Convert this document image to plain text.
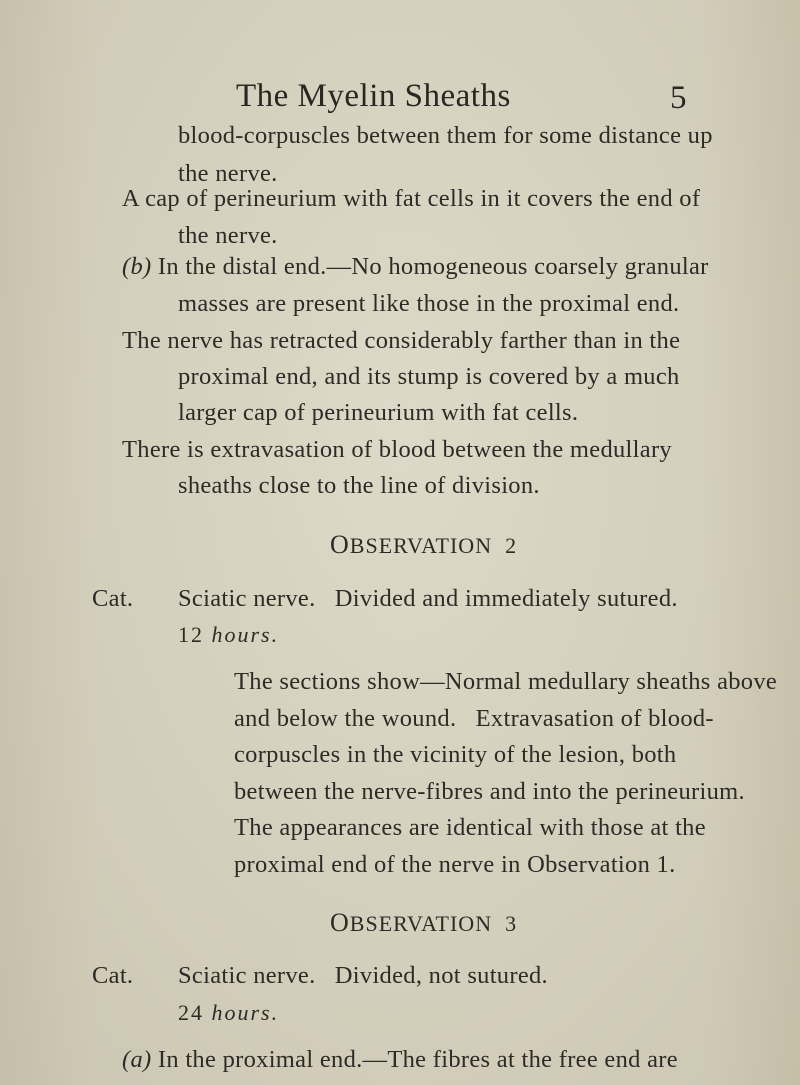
The Myelin Sheaths	5
blood-corpuscles between them for some distance up
the nerve.
A cap of perineurium with fat cells in it covers the end of
the nerve.
(b) In the distal end.—No homogeneous coarsely granular
masses are present like those in the proximal end.
The nerve has retracted considerably farther than in the
proximal end, and its stump is covered by a much
larger cap of perineurium with fat cells.
There is extravasation of blood between the medullary
sheaths close to the line of division.
OBSERVATION 2
Cat. Sciatic nerve.   Divided and immediately sutured.
12 hours.
The sections show—Normal medullary sheaths above
and below the wound.   Extravasation of blood-
corpuscles in the vicinity of the lesion, both
between the nerve-fibres and into the perineurium.
The appearances are identical with those at the
proximal end of the nerve in Observation 1.
OBSERVATION 3
Cat. Sciatic nerve.   Divided, not sutured.
24 hours.
(a) In the proximal end.—The fibres at the free end are
